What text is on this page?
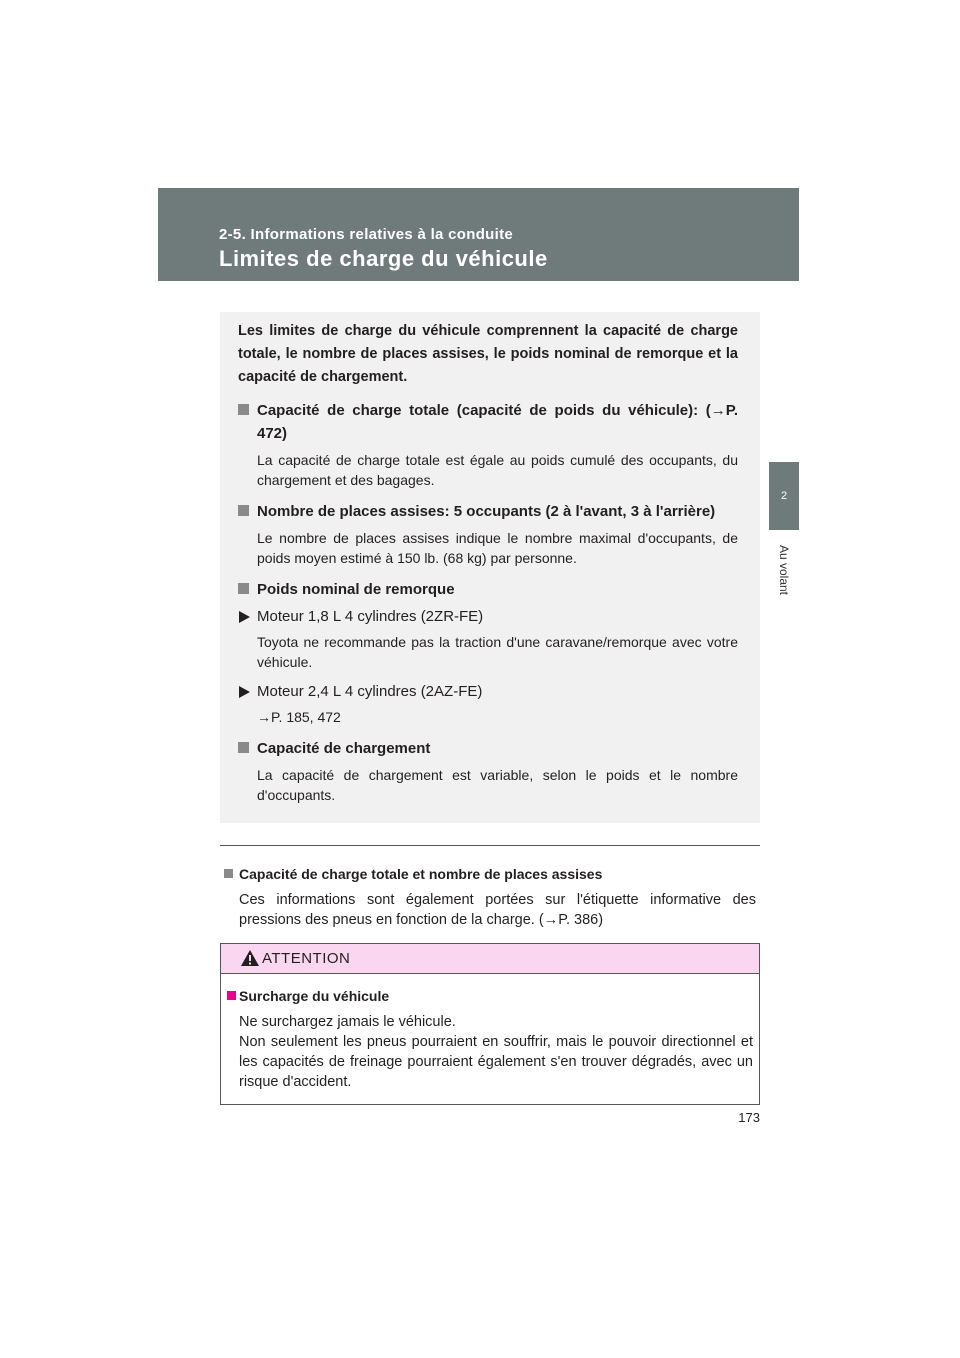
2-5. Informations relatives à la conduite
Limites de charge du véhicule
2
Au volant

Les limites de charge du véhicule comprennent la capacité de charge totale, le nombre de places assises, le poids nominal de remorque et la capacité de chargement.

Capacité de charge totale (capacité de poids du véhicule): (→P. 472)

La capacité de charge totale est égale au poids cumulé des occupants, du chargement et des bagages.

Nombre de places assises: 5 occupants (2 à l'avant, 3 à l'arrière)

Le nombre de places assises indique le nombre maximal d'occupants, de poids moyen estimé à 150 lb. (68 kg) par personne.

Poids nominal de remorque

Moteur 1,8 L 4 cylindres (2ZR-FE)

Toyota ne recommande pas la traction d'une caravane/remorque avec votre véhicule.

Moteur 2,4 L 4 cylindres (2AZ-FE)

→P. 185, 472

Capacité de chargement

La capacité de chargement est variable, selon le poids et le nombre d'occupants.

Capacité de charge totale et nombre de places assises

Ces informations sont également portées sur l'étiquette informative des pressions des pneus en fonction de la charge. (→P. 386)

ATTENTION

Surcharge du véhicule

Ne surchargez jamais le véhicule.
Non seulement les pneus pourraient en souffrir, mais le pouvoir directionnel et les capacités de freinage pourraient également s'en trouver dégradés, avec un risque d'accident.

173
